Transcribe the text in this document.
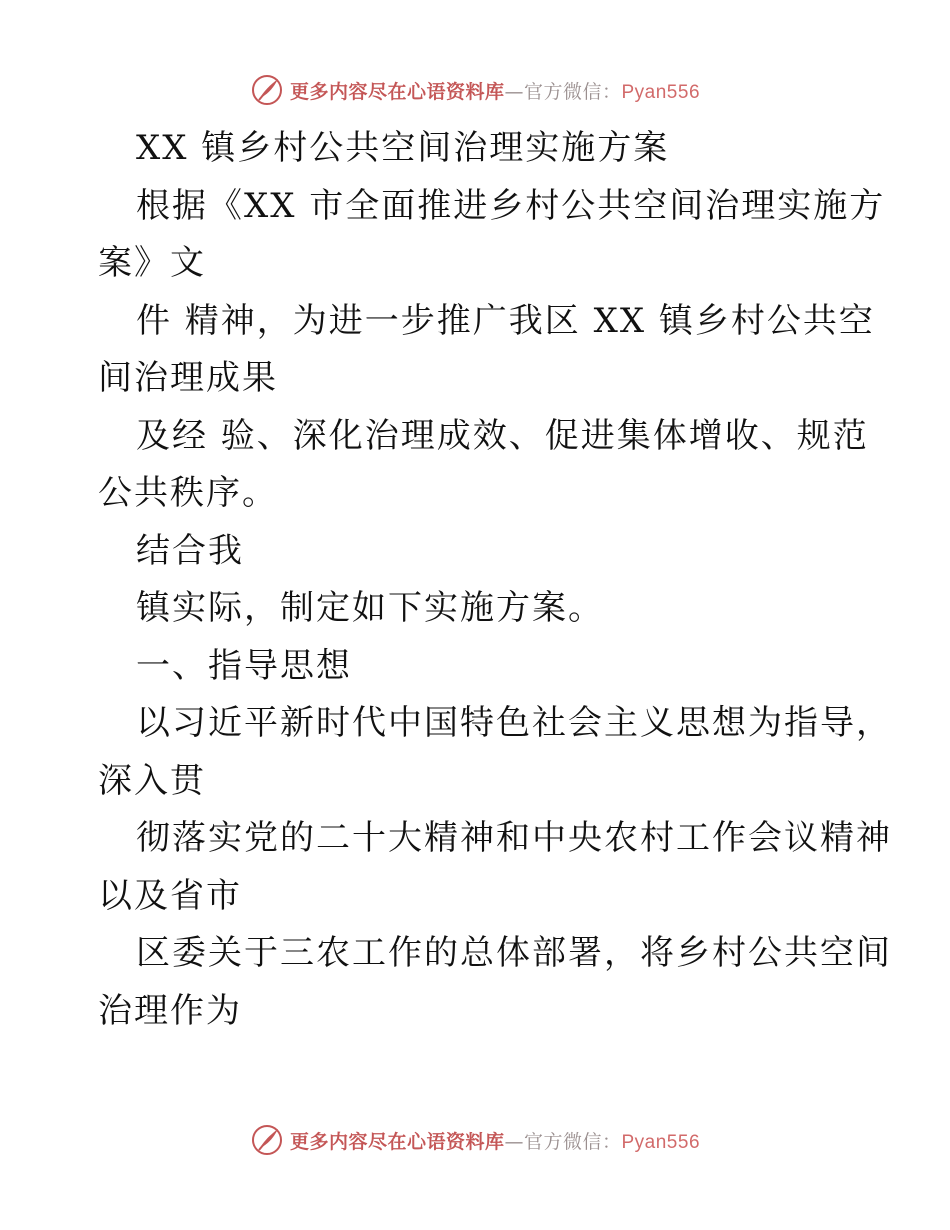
更多内容尽在心语资料库—官方微信：Pyan556
XX 镇乡村公共空间治理实施方案
根据《XX 市全面推进乡村公共空间治理实施方
案》文
件 精神，为进一步推广我区 XX 镇乡村公共空
间治理成果
及经 验、深化治理成效、促进集体增收、规范
公共秩序。
结合我
镇实际，制定如下实施方案。
一、指导思想
以习近平新时代中国特色社会主义思想为指导，
深入贯
彻落实党的二十大精神和中央农村工作会议精神
以及省市
区委关于三农工作的总体部署，将乡村公共空间
治理作为
更多内容尽在心语资料库—官方微信：Pyan556
